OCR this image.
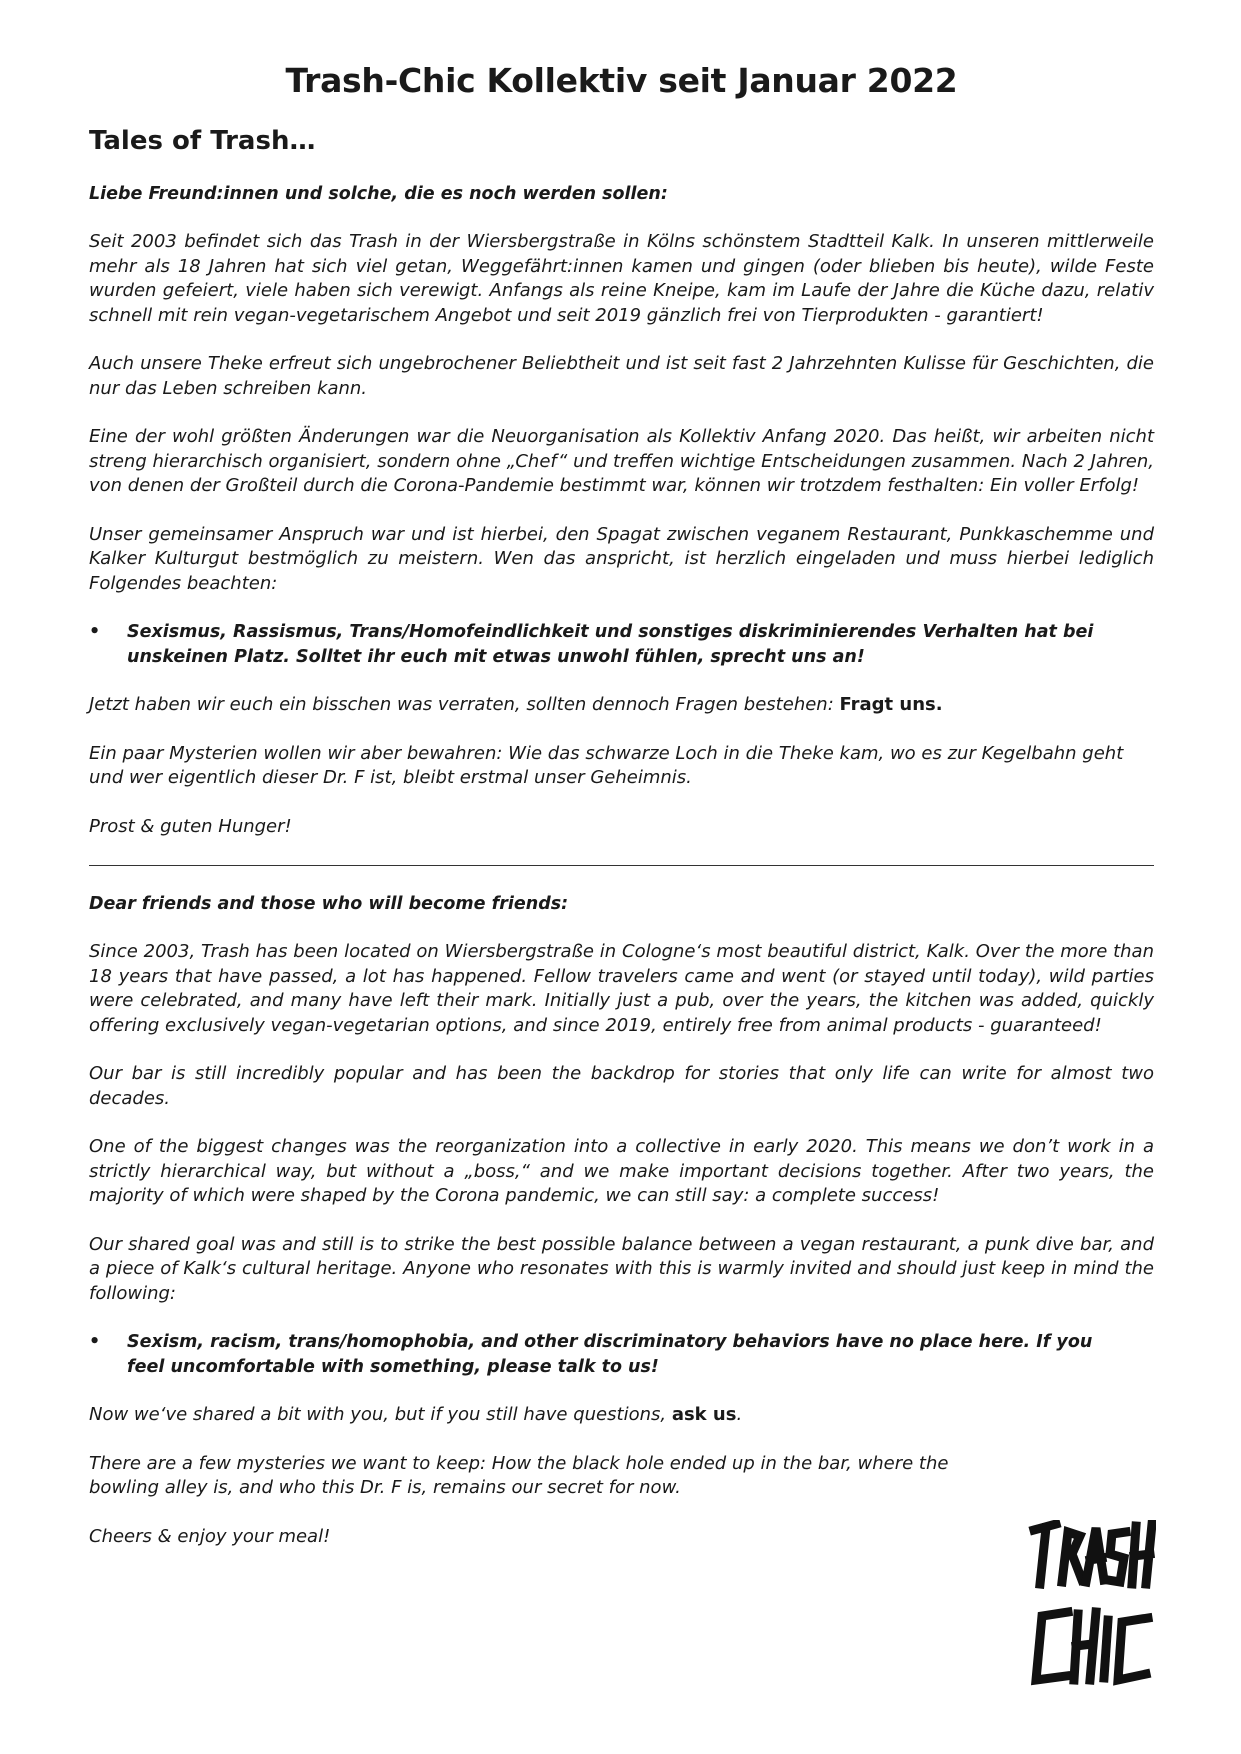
Trash-Chic Kollektiv seit Januar 2022
Tales of Trash…
Liebe Freund:innen und solche, die es noch werden sollen:

Seit 2003 befindet sich das Trash in der Wiersbergstraße in Kölns schönstem Stadtteil Kalk. In unseren mittlerweile mehr als 18 Jahren hat sich viel getan, Weggefährt:innen kamen und gingen (oder blieben bis heute), wilde Feste wurden gefeiert, viele haben sich verewigt. Anfangs als reine Kneipe, kam im Laufe der Jahre die Küche dazu, relativ schnell mit rein vegan-vegetarischem Angebot und seit 2019 gänzlich frei von Tierprodukten - garantiert!

Auch unsere Theke erfreut sich ungebrochener Beliebtheit und ist seit fast 2 Jahrzehnten Kulisse für Geschichten, die nur das Leben schreiben kann.

Eine der wohl größten Änderungen war die Neuorganisation als Kollektiv Anfang 2020. Das heißt, wir arbeiten nicht streng hierarchisch organisiert, sondern ohne „Chef“ und treffen wichtige Entscheidungen zusammen. Nach 2 Jahren, von denen der Großteil durch die Corona-Pandemie bestimmt war, können wir trotzdem festhalten: Ein voller Erfolg!

Unser gemeinsamer Anspruch war und ist hierbei, den Spagat zwischen veganem Restaurant, Punkkaschemme und Kalker Kulturgut bestmöglich zu meistern. Wen das anspricht, ist herzlich eingeladen und muss hierbei lediglich Folgendes beachten:

•	Sexismus, Rassismus, Trans/Homofeindlichkeit und sonstiges diskriminierendes Verhalten hat bei unskeinen Platz. Solltet ihr euch mit etwas unwohl fühlen, sprecht uns an!

Jetzt haben wir euch ein bisschen was verraten, sollten dennoch Fragen bestehen: Fragt uns.

Ein paar Mysterien wollen wir aber bewahren: Wie das schwarze Loch in die Theke kam, wo es zur Kegelbahn geht und wer eigentlich dieser Dr. F ist, bleibt erstmal unser Geheimnis.

Prost & guten Hunger!

Dear friends and those who will become friends:

Since 2003, Trash has been located on Wiersbergstraße in Cologne‘s most beautiful district, Kalk. Over the more than 18 years that have passed, a lot has happened. Fellow travelers came and went (or stayed until today), wild parties were celebrated, and many have left their mark. Initially just a pub, over the years, the kitchen was added, quickly offering exclusively vegan-vegetarian options, and since 2019, entirely free from animal products - guaranteed!

Our bar is still incredibly popular and has been the backdrop for stories that only life can write for almost two decades.

One of the biggest changes was the reorganization into a collective in early 2020. This means we don’t work in a strictly hierarchical way, but without a „boss,“ and we make important decisions together. After two years, the majority of which were shaped by the Corona pandemic, we can still say: a complete success!

Our shared goal was and still is to strike the best possible balance between a vegan restaurant, a punk dive bar, and a piece of Kalk‘s cultural heritage. Anyone who resonates with this is warmly invited and should just keep in mind the following:

•	Sexism, racism, trans/homophobia, and other discriminatory behaviors have no place here. If you feel uncomfortable with something, please talk to us!

Now we‘ve shared a bit with you, but if you still have questions, ask us.

There are a few mysteries we want to keep: How the black hole ended up in the bar, where the bowling alley is, and who this Dr. F is, remains our secret for now.

Cheers & enjoy your meal!

TRASH
